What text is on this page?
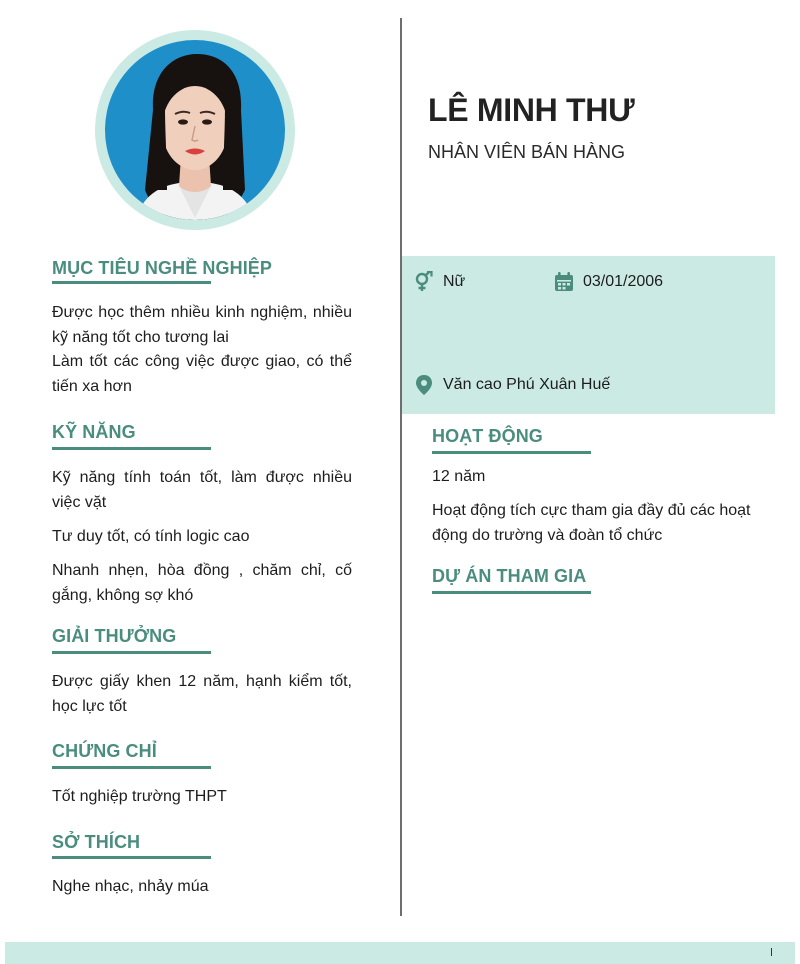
MỤC TIÊU NGHỀ NGHIỆP
Được học thêm nhiều kinh nghiệm, nhiều kỹ năng tốt cho tương lai
Làm tốt các công việc được giao, có thể tiến xa hơn
KỸ NĂNG
Kỹ năng tính toán tốt, làm được nhiều việc vặt
Tư duy tốt, có tính logic cao
Nhanh nhẹn, hòa đồng , chăm chỉ, cố gắng, không sợ khó
GIẢI THƯỞNG
Được giấy khen 12 năm, hạnh kiểm tốt, học lực tốt
CHỨNG CHỈ
Tốt nghiệp trường THPT
SỞ THÍCH
Nghe nhạc, nhảy múa
LÊ MINH THƯ
NHÂN VIÊN BÁN HÀNG
Nữ	03/01/2006
Văn cao Phú Xuân Huế
HOẠT ĐỘNG
12 năm
Hoạt động tích cực tham gia đầy đủ các hoạt động do trường và đoàn tổ chức
DỰ ÁN THAM GIA
